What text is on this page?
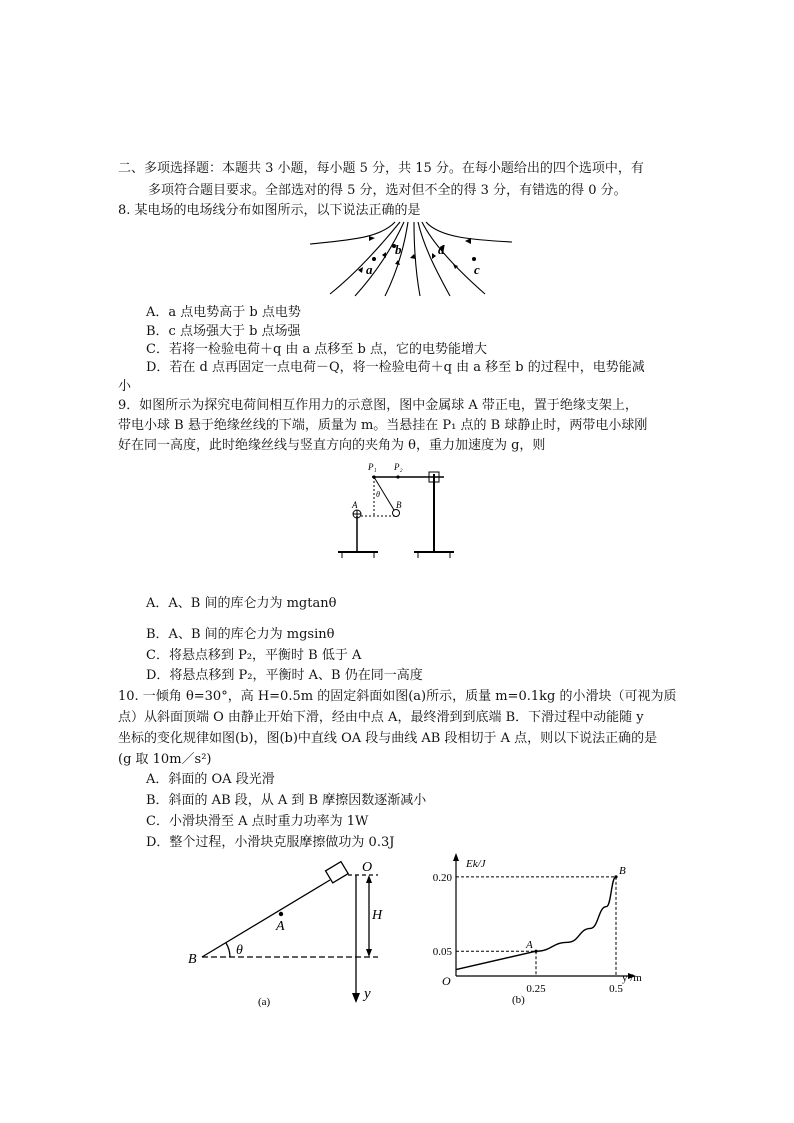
二、多项选择题：本题共 3 小题，每小题 5 分，共 15 分。在每小题给出的四个选项中，有
多项符合题目要求。全部选对的得 5 分，选对但不全的得 3 分，有错选的得 0 分。
8. 某电场的电场线分布如图所示，以下说法正确的是
a
b	d
c
A．a 点电势高于 b 点电势
B．c 点场强大于 b 点场强
C．若将一检验电荷＋q 由 a 点移至 b 点，它的电势能增大
D．若在 d 点再固定一点电荷－Q，将一检验电荷＋q 由 a 移至 b 的过程中，电势能减
小
9．如图所示为探究电荷间相互作用力的示意图，图中金属球 A 带正电，置于绝缘支架上，
带电小球 B 悬于绝缘丝线的下端，质量为 m。当悬挂在 P₁ 点的 B 球静止时，两带电小球刚
好在同一高度，此时绝缘丝线与竖直方向的夹角为 θ，重力加速度为 g，则
P₁ P₂
θ
A	B
A．A、B 间的库仑力为 mgtanθ
B．A、B 间的库仑力为 mgsinθ
C．将悬点移到 P₂，平衡时 B 低于 A
D．将悬点移到 P₂，平衡时 A、B 仍在同一高度
10. 一倾角 θ=30°，高 H=0.5m 的固定斜面如图(a)所示，质量 m=0.1kg 的小滑块（可视为质
点）从斜面顶端 O 由静止开始下滑，经由中点 A，最终滑到到底端 B．下滑过程中动能随 y
坐标的变化规律如图(b)，图(b)中直线 OA 段与曲线 AB 段相切于 A 点，则以下说法正确的是
(g 取 10m／s²)
A．斜面的 OA 段光滑
B．斜面的 AB 段，从 A 到 B 摩擦因数逐渐减小
C．小滑块滑至 A 点时重力功率为 1W
D．整个过程，小滑块克服摩擦做功为 0.3J
O
A
B
H
θ
y
(a)
Ek/J
y /m
O
0.20
0.05
0.25	0.5
A
B
(b)
